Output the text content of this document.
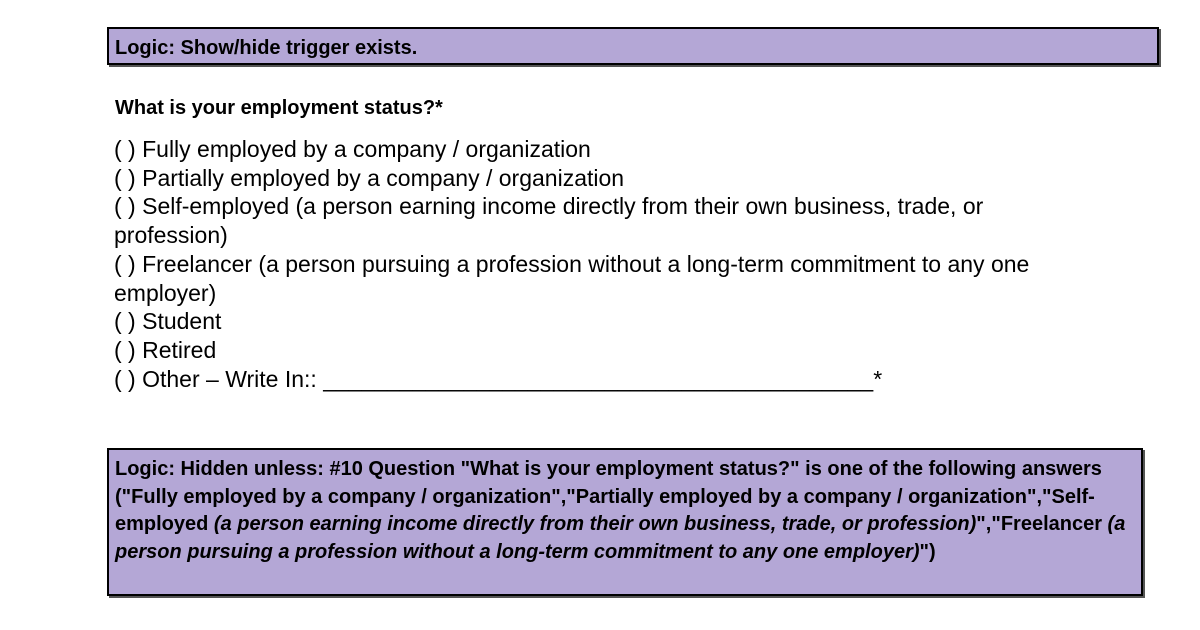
Logic: Show/hide trigger exists.
What is your employment status?*
( ) Fully employed by a company / organization
( ) Partially employed by a company / organization
( ) Self-employed (a person earning income directly from their own business, trade, or profession)
( ) Freelancer (a person pursuing a profession without a long-term commitment to any one employer)
( ) Student
( ) Retired
( ) Other – Write In:: ___________________________________________*
Logic: Hidden unless: #10 Question "What is your employment status?" is one of the following answers ("Fully employed by a company / organization","Partially employed by a company / organization","Self-employed (a person earning income directly from their own business, trade, or profession)","Freelancer (a person pursuing a profession without a long-term commitment to any one employer)")
